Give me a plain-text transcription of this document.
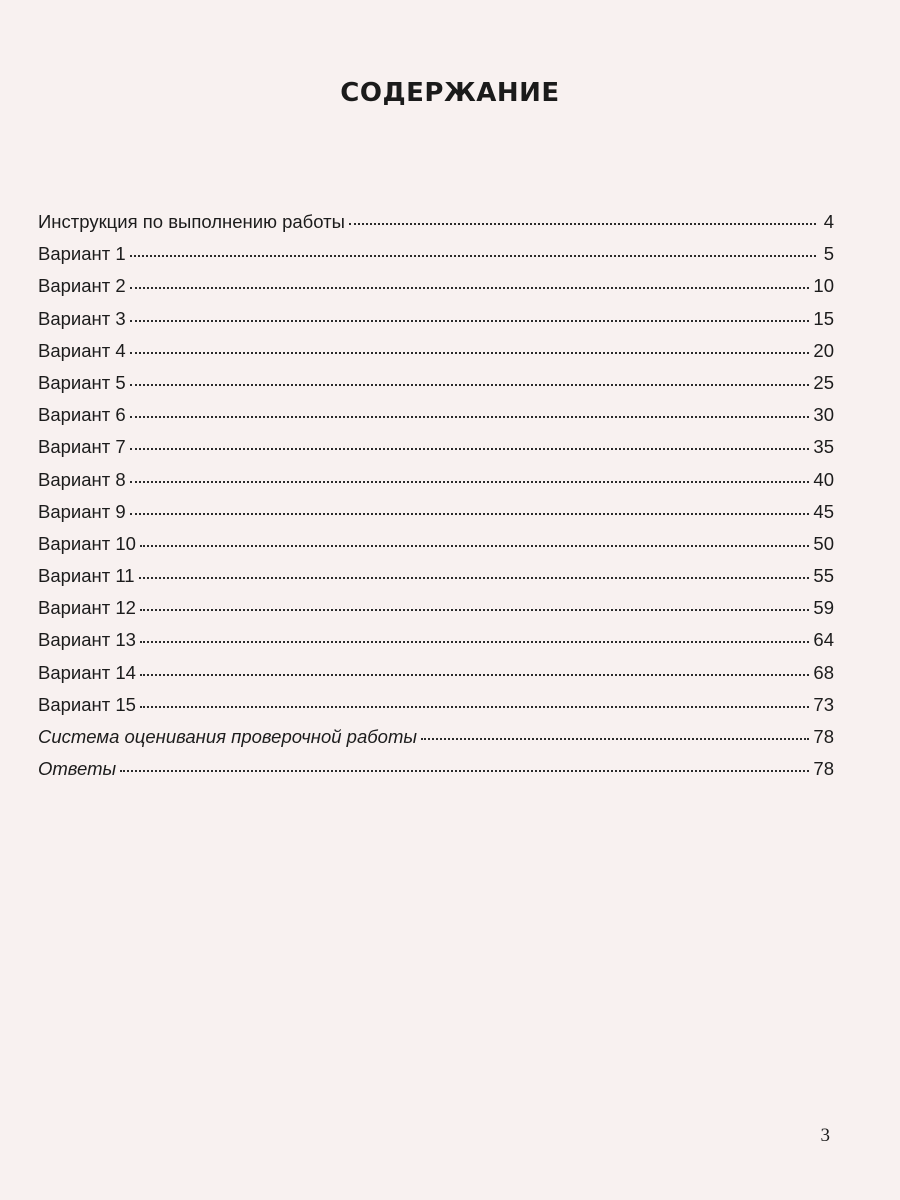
СОДЕРЖАНИЕ
Инструкция по выполнению работы	4
Вариант 1	5
Вариант 2	10
Вариант 3	15
Вариант 4	20
Вариант 5	25
Вариант 6	30
Вариант 7	35
Вариант 8	40
Вариант 9	45
Вариант 10	50
Вариант 11	55
Вариант 12	59
Вариант 13	64
Вариант 14	68
Вариант 15	73
Система оценивания проверочной работы	78
Ответы	78
3
